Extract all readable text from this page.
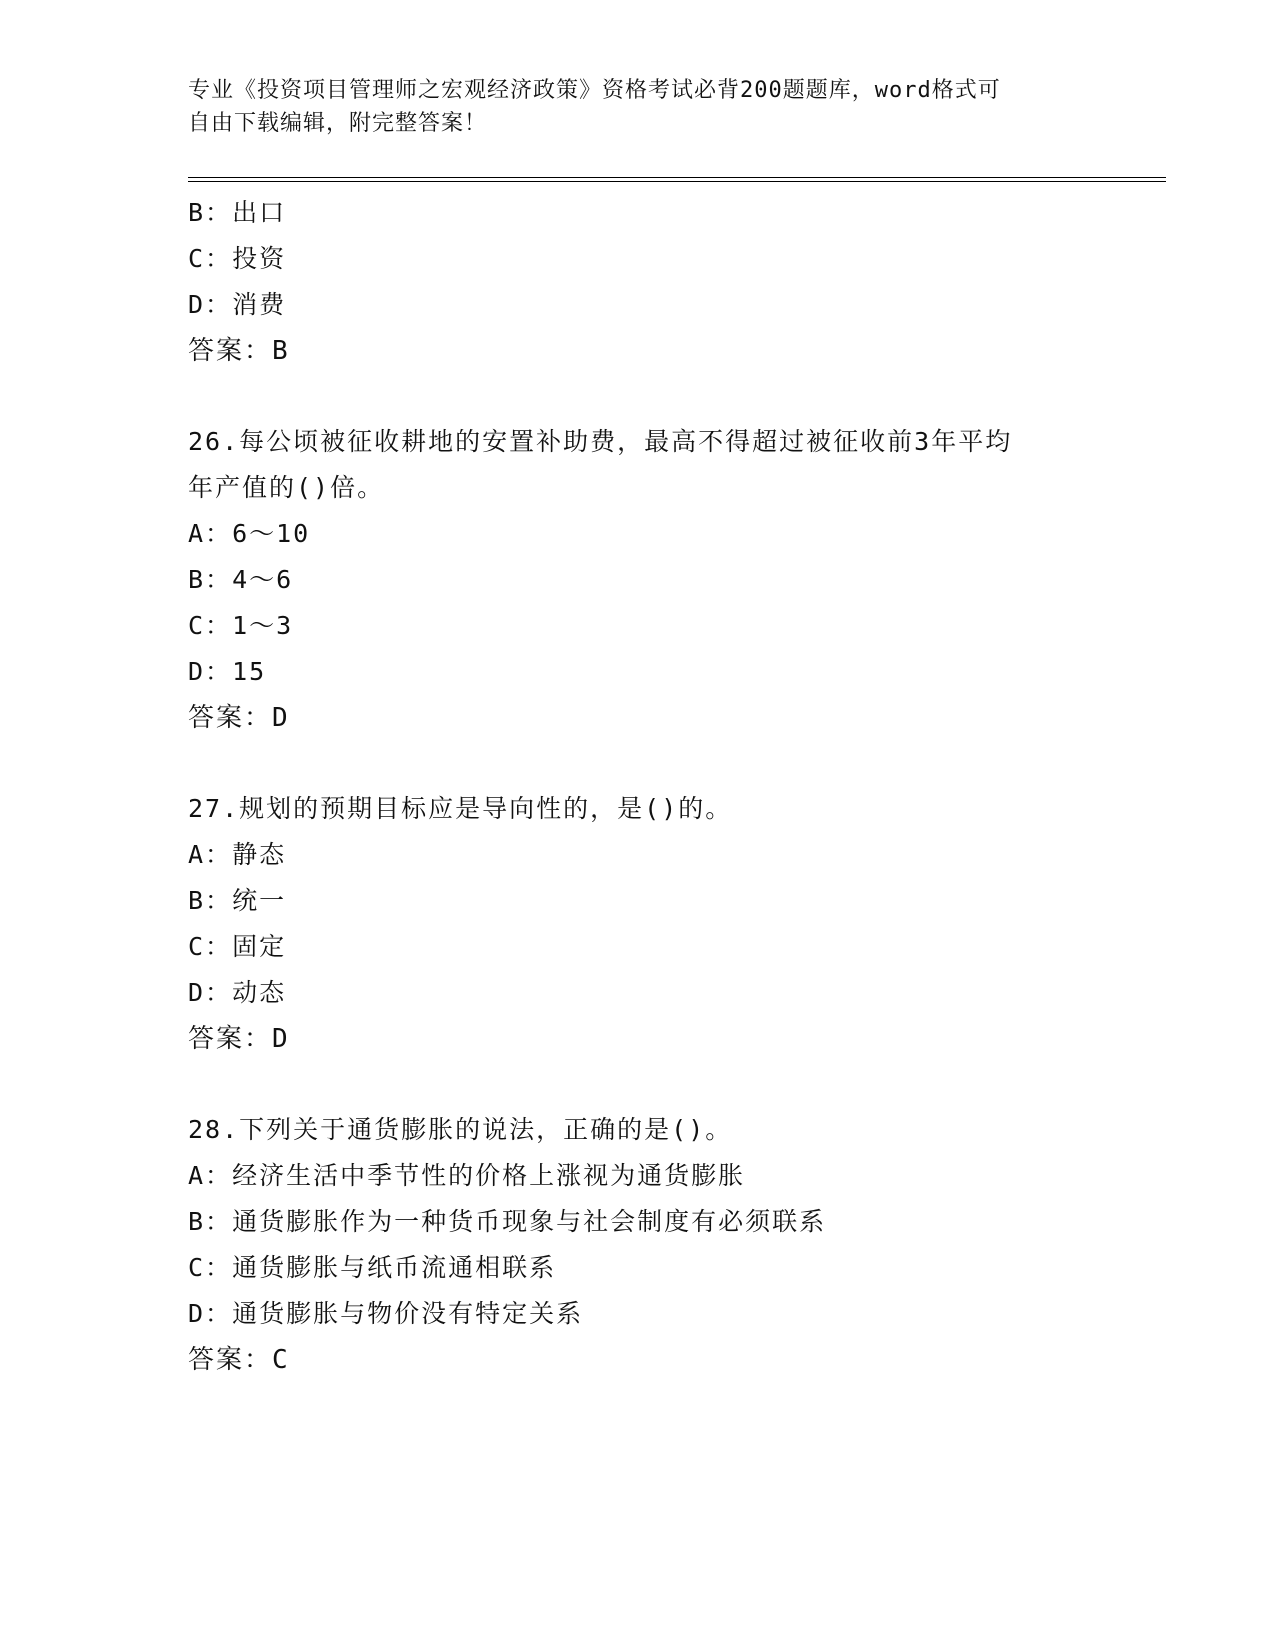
专业《投资项目管理师之宏观经济政策》资格考试必背200题题库，word格式可
自由下载编辑，附完整答案！
B：出口
C：投资
D：消费
答案：B
26.每公顷被征收耕地的安置补助费，最高不得超过被征收前3年平均
年产值的()倍。
A：6～10
B：4～6
C：1～3
D：15
答案：D
27.规划的预期目标应是导向性的，是()的。
A：静态
B：统一
C：固定
D：动态
答案：D
28.下列关于通货膨胀的说法，正确的是()。
A：经济生活中季节性的价格上涨视为通货膨胀
B：通货膨胀作为一种货币现象与社会制度有必须联系
C：通货膨胀与纸币流通相联系
D：通货膨胀与物价没有特定关系
答案：C
